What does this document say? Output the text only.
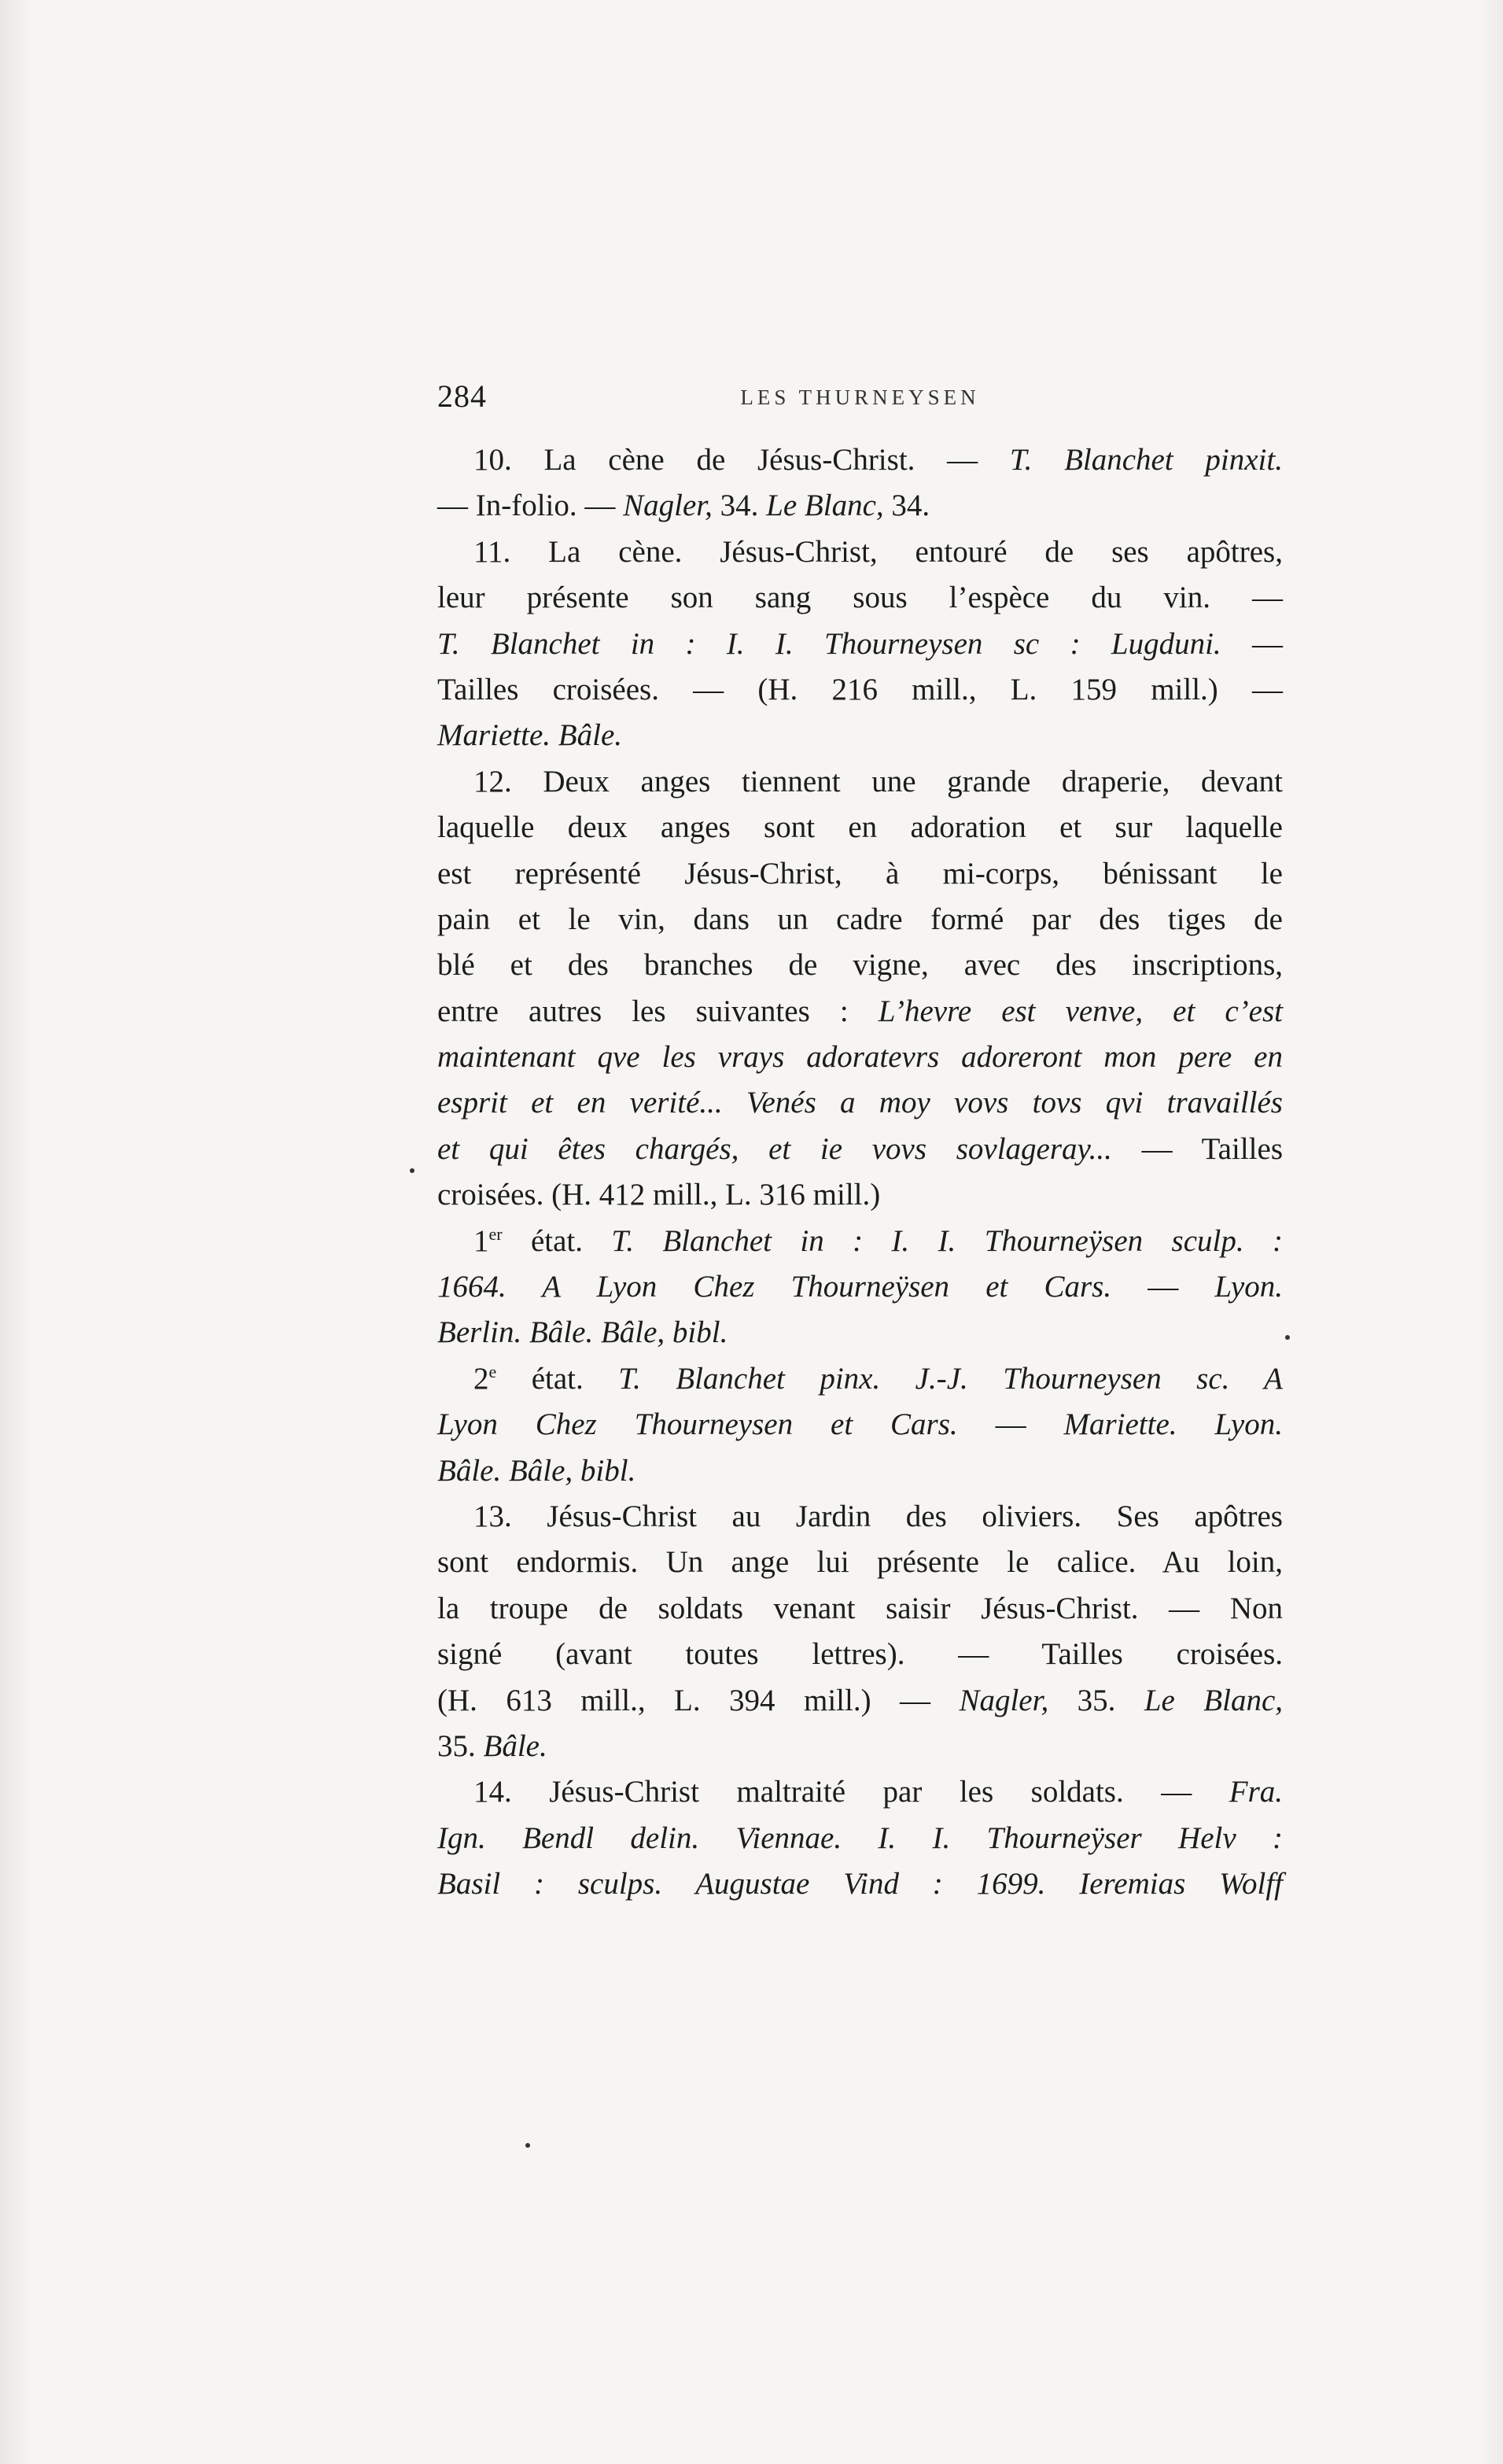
284	LES THURNEYSEN
10. La cène de Jésus-Christ. — T. Blanchet pinxit.
— In-folio. — Nagler, 34. Le Blanc, 34.
11. La cène. Jésus-Christ, entouré de ses apôtres,
leur présente son sang sous l’espèce du vin. —
T. Blanchet in : I. I. Thourneysen sc : Lugduni. —
Tailles croisées. — (H. 216 mill., L. 159 mill.) —
Mariette. Bâle.
12. Deux anges tiennent une grande draperie, devant
laquelle deux anges sont en adoration et sur laquelle
est représenté Jésus-Christ, à mi-corps, bénissant le
pain et le vin, dans un cadre formé par des tiges de
blé et des branches de vigne, avec des inscriptions,
entre autres les suivantes : L’hevre est venve, et c’est
maintenant qve les vrays adoratevrs adoreront mon pere en
esprit et en verité... Venés a moy vovs tovs qvi travaillés
et qui êtes chargés, et ie vovs sovlageray... — Tailles
croisées. (H. 412 mill., L. 316 mill.)
1er état. T. Blanchet in : I. I. Thourneÿsen sculp. :
1664. A Lyon Chez Thourneÿsen et Cars. — Lyon.
Berlin. Bâle. Bâle, bibl.
2e état. T. Blanchet pinx. J.-J. Thourneysen sc. A
Lyon Chez Thourneysen et Cars. — Mariette. Lyon.
Bâle. Bâle, bibl.
13. Jésus-Christ au Jardin des oliviers. Ses apôtres
sont endormis. Un ange lui présente le calice. Au loin,
la troupe de soldats venant saisir Jésus-Christ. — Non
signé (avant toutes lettres). — Tailles croisées.
(H. 613 mill., L. 394 mill.) — Nagler, 35. Le Blanc,
35. Bâle.
14. Jésus-Christ maltraité par les soldats. — Fra.
Ign. Bendl delin. Viennae. I. I. Thourneÿser Helv :
Basil : sculps. Augustae Vind : 1699. Ieremias Wolff
